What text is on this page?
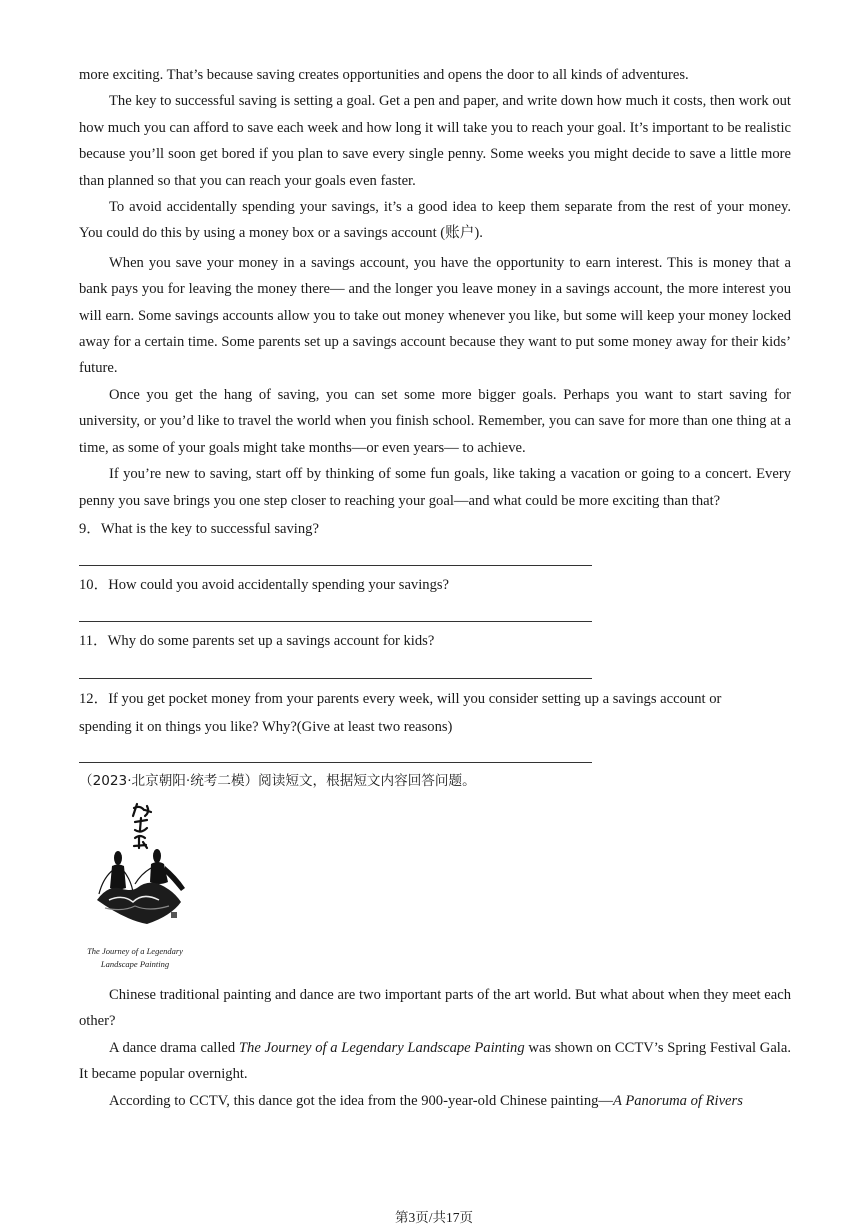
more exciting. That’s because saving creates opportunities and opens the door to all kinds of adventures.

The key to successful saving is setting a goal. Get a pen and paper, and write down how much it costs, then work out how much you can afford to save each week and how long it will take you to reach your goal. It’s important to be realistic because you’ll soon get bored if you plan to save every single penny. Some weeks you might decide to save a little more than planned so that you can reach your goals even faster.

To avoid accidentally spending your savings, it’s a good idea to keep them separate from the rest of your money. You could do this by using a money box or a savings account (账户).

When you save your money in a savings account, you have the opportunity to earn interest. This is money that a bank pays you for leaving the money there— and the longer you leave money in a savings account, the more interest you will earn. Some savings accounts allow you to take out money whenever you like, but some will keep your money locked away for a certain time. Some parents set up a savings account because they want to put some money away for their kids’ future.

Once you get the hang of saving, you can set some more bigger goals. Perhaps you want to start saving for university, or you’d like to travel the world when you finish school. Remember, you can save for more than one thing at a time, as some of your goals might take months—or even years— to achieve.

If you’re new to saving, start off by thinking of some fun goals, like taking a vacation or going to a concert. Every penny you save brings you one step closer to reaching your goal—and what could be more exciting than that?

9．What is the key to successful saving?

10．How could you avoid accidentally spending your savings?

11．Why do some parents set up a savings account for kids?

12．If you get pocket money from your parents every week, will you consider setting up a savings account or

spending it on things you like? Why?(Give at least two reasons)

（2023·北京朝阳·统考二模）阅读短文，根据短文内容回答问题。
The Journey of a Legendary
Landscape Painting

Chinese traditional painting and dance are two important parts of the art world. But what about when they meet each other?

A dance drama called The Journey of a Legendary Landscape Painting was shown on CCTV’s Spring Festival Gala. It became popular overnight.

According to CCTV, this dance got the idea from the 900-year-old Chinese painting—A Panoruma of Rivers

第3页/共17页
